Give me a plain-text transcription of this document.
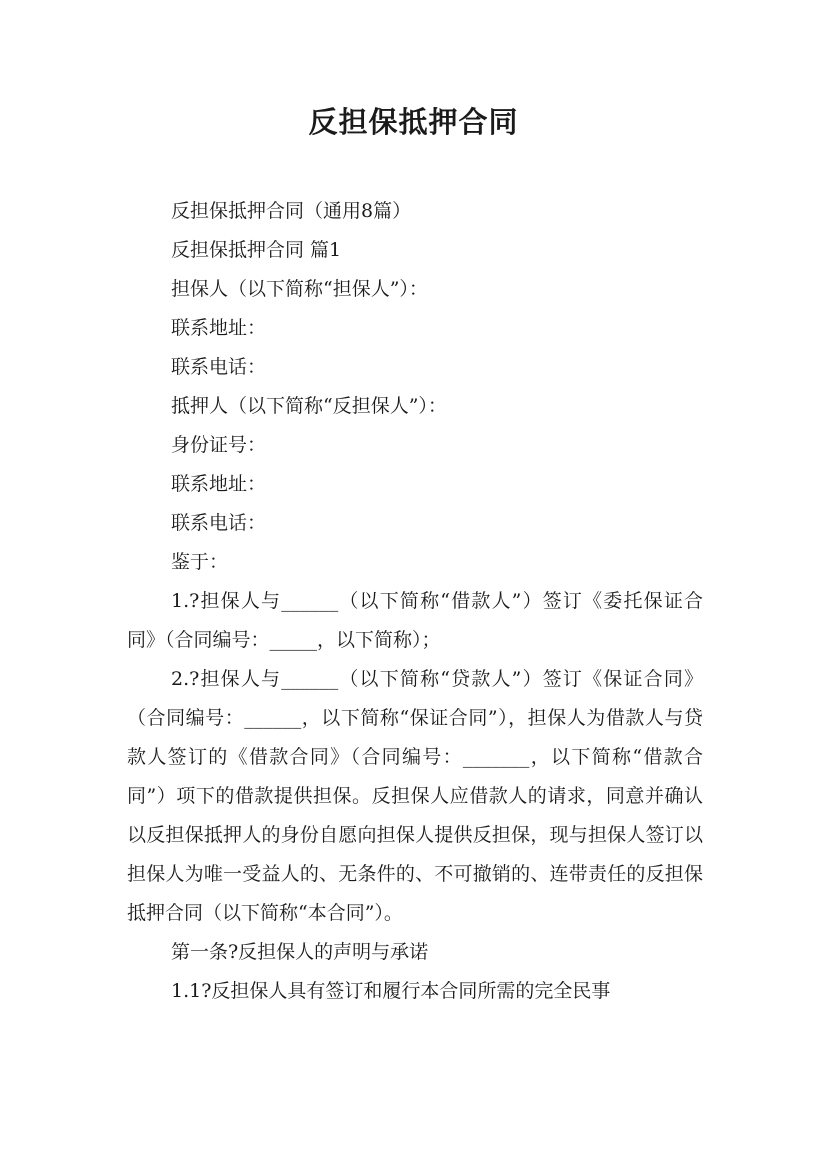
反担保抵押合同

反担保抵押合同（通用8篇）

反担保抵押合同 篇1

担保人（以下简称“担保人”）：

联系地址：

联系电话：

抵押人（以下简称“反担保人”）：

身份证号：

联系地址：

联系电话：

鉴于：

1.?担保人与______（以下简称“借款人”）签订《委托保证合同》（合同编号：_____，以下简称）；

2.?担保人与______（以下简称“贷款人”）签订《保证合同》（合同编号：______，以下简称“保证合同”），担保人为借款人与贷款人签订的《借款合同》（合同编号：_______，以下简称“借款合同”）项下的借款提供担保。反担保人应借款人的请求，同意并确认以反担保抵押人的身份自愿向担保人提供反担保，现与担保人签订以担保人为唯一受益人的、无条件的、不可撤销的、连带责任的反担保抵押合同（以下简称“本合同”）。

第一条?反担保人的声明与承诺

1.1?反担保人具有签订和履行本合同所需的完全民事
